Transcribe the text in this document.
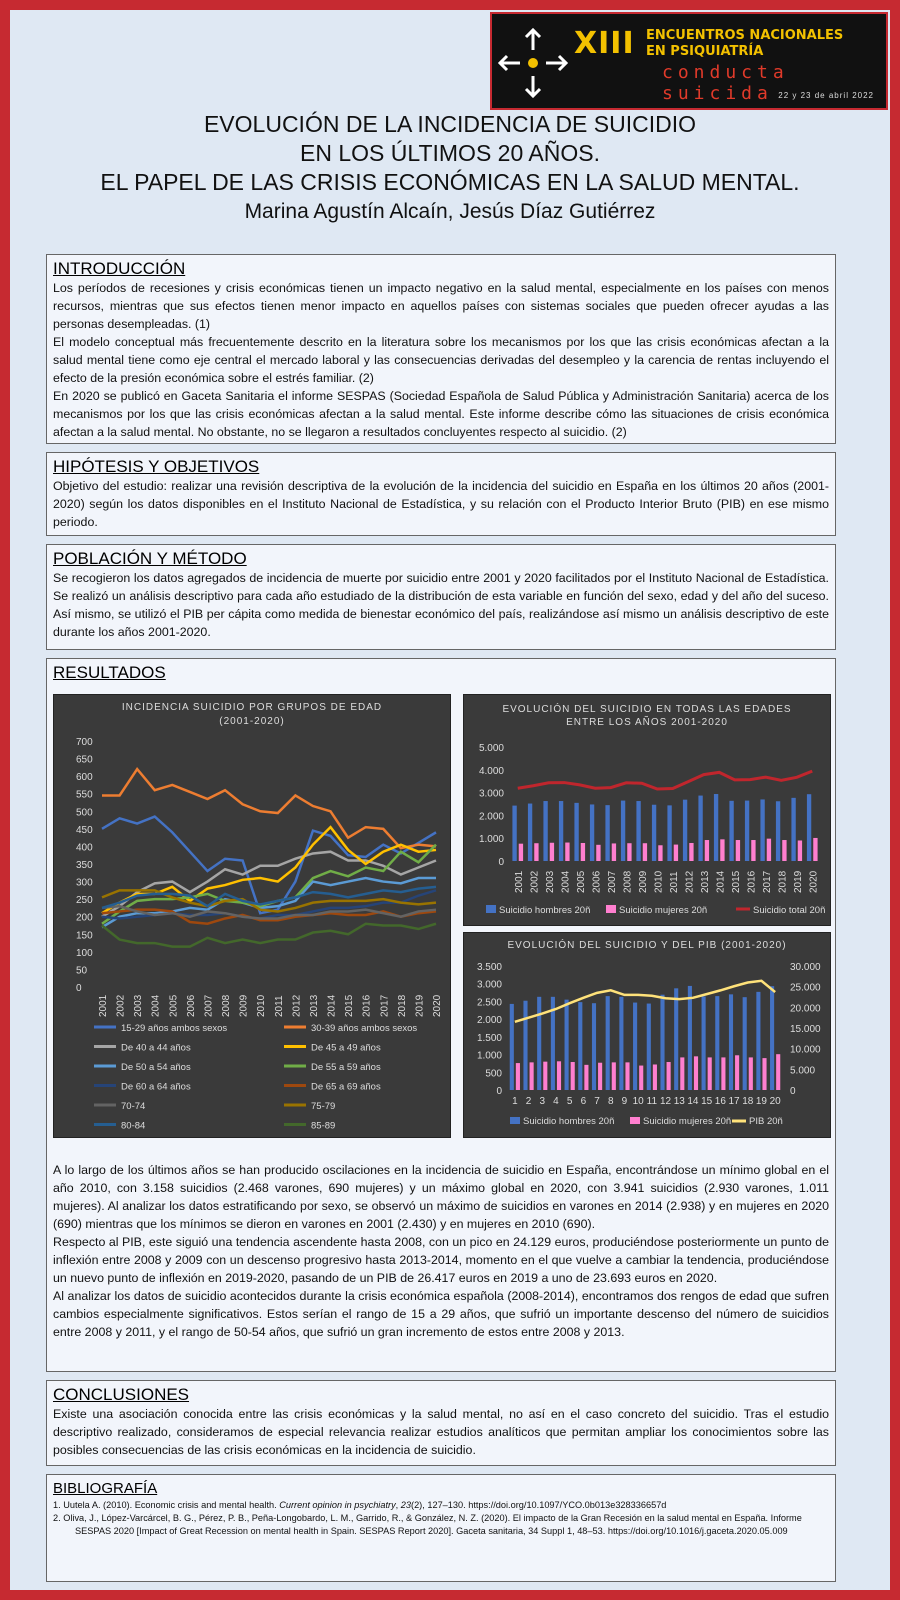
XIII ENCUENTROS NACIONALES
EN PSIQUIATRÍA
conducta suicida 22 y 23 de abril 2022
EVOLUCIÓN DE LA INCIDENCIA DE SUICIDIO
EN LOS ÚLTIMOS 20 AÑOS.
EL PAPEL DE LAS CRISIS ECONÓMICAS EN LA SALUD MENTAL.
Marina Agustín Alcaín, Jesús Díaz Gutiérrez
INTRODUCCIÓN

Los períodos de recesiones y crisis económicas tienen un impacto negativo en la salud mental, especialmente en los países con menos recursos, mientras que sus efectos tienen menor impacto en aquellos países con sistemas sociales que pueden ofrecer ayudas a las personas desempleadas. (1)

El modelo conceptual más frecuentemente descrito en la literatura sobre los mecanismos por los que las crisis económicas afectan a la salud mental tiene como eje central el mercado laboral y las consecuencias derivadas del desempleo y la carencia de rentas incluyendo el efecto de la presión económica sobre el estrés familiar. (2)

En 2020 se publicó en Gaceta Sanitaria el informe SESPAS (Sociedad Española de Salud Pública y Administración Sanitaria) acerca de los mecanismos por los que las crisis económicas afectan a la salud mental. Este informe describe cómo las situaciones de crisis económica afectan a la salud mental. No obstante, no se llegaron a resultados concluyentes respecto al suicidio. (2)

HIPÓTESIS Y OBJETIVOS

Objetivo del estudio: realizar una revisión descriptiva de la evolución de la incidencia del suicidio en España en los últimos 20 años (2001-2020) según los datos disponibles en el Instituto Nacional de Estadística, y su relación con el Producto Interior Bruto (PIB) en ese mismo periodo.

POBLACIÓN Y MÉTODO

Se recogieron los datos agregados de incidencia de muerte por suicidio entre 2001 y 2020 facilitados por el Instituto Nacional de Estadística. Se realizó un análisis descriptivo para cada año estudiado de la distribución de esta variable en función del sexo, edad y del año del suceso. Así mismo, se utilizó el PIB per cápita como medida de bienestar económico del país, realizándose así mismo un análisis descriptivo de este durante los años 2001-2020.

RESULTADOS

A lo largo de los últimos años se han producido oscilaciones en la incidencia de suicidio en España, encontrándose un mínimo global en el año 2010, con 3.158 suicidios (2.468 varones, 690 mujeres) y un máximo global en 2020, con 3.941 suicidios (2.930 varones, 1.011 mujeres). Al analizar los datos estratificando por sexo, se observó un máximo de suicidios en varones en 2014 (2.938) y en mujeres en 2020 (690) mientras que los mínimos se dieron en varones en 2001 (2.430) y en mujeres en 2010 (690).

Respecto al PIB, este siguió una tendencia ascendente hasta 2008, con un pico en 24.129 euros, produciéndose posteriormente un punto de inflexión entre 2008 y 2009 con un descenso progresivo hasta 2013-2014, momento en el que vuelve a cambiar la tendencia, produciéndose un nuevo punto de inflexión en 2019-2020, pasando de un PIB de 26.417 euros en 2019 a uno de 23.693 euros en 2020.

Al analizar los datos de suicidio acontecidos durante la crisis económica española (2008-2014), encontramos dos rengos de edad que sufren cambios especialmente significativos. Estos serían el rango de 15 a 29 años, que sufrió un importante descenso del número de suicidios entre 2008 y 2011, y el rango de 50-54 años, que sufrió un gran incremento de estos entre 2008 y 2013.

INCIDENCIA SUICIDIO POR GRUPOS DE EDAD
(2001-2020)
0
50
100
150
200
250
300
350
400
450
500
550
600
650
700
2001 2002 2003 2004 2005 2006 2007 2008 2009 2010 2011 2012 2013 2014 2015 2016 2017 2018 2019 2020
15-29 años ambos sexos	30-39 años ambos sexos
De 40 a 44 años	De 45 a 49 años
De 50 a 54 años	De 55 a 59 años
De 60 a 64 años	De 65 a 69 años
70-74	75-79
80-84	85-89
EVOLUCIÓN DEL SUICIDIO EN TODAS LAS EDADES
ENTRE LOS AÑOS 2001-2020
0
1.000
2.000
3.000
4.000
5.000
2001 2002 2003 2004 2005 2006 2007 2008 2009 2010 2011 2012 2013 2014 2015 2016 2017 2018 2019 2020
Suicidio hombres 20ñ	Suicidio mujeres 20ñ	Suicidio total 20ñ
EVOLUCIÓN DEL SUICIDIO Y DEL PIB (2001-2020)
0
500
1.000
1.500
2.000
2.500
3.000
3.500
0
5.000
10.000
15.000
20.000
25.000
30.000
1 2 3 4 5 6 7 8 9 10 11 12 13 14 15 16 17 18 19 20
Suicidio hombres 20ñ	Suicidio mujeres 20ñ PIB 20ñ
CONCLUSIONES

Existe una asociación conocida entre las crisis económicas y la salud mental, no así en el caso concreto del suicidio. Tras el estudio descriptivo realizado, consideramos de especial relevancia realizar estudios analíticos que permitan ampliar los conocimientos sobre las posibles consecuencias de las crisis económicas en la incidencia de suicidio.

BIBLIOGRAFÍA
1. Uutela A. (2010). Economic crisis and mental health. Current opinion in psychiatry, 23(2), 127–130. https://doi.org/10.1097/YCO.0b013e328336657d
2. Oliva, J., López-Varcárcel, B. G., Pérez, P. B., Peña-Longobardo, L. M., Garrido, R., & González, N. Z. (2020). El impacto de la Gran Recesión en la salud mental en España. Informe SESPAS 2020 [Impact of Great Recession on mental health in Spain. SESPAS Report 2020]. Gaceta sanitaria, 34 Suppl 1, 48–53. https://doi.org/10.1016/j.gaceta.2020.05.009
